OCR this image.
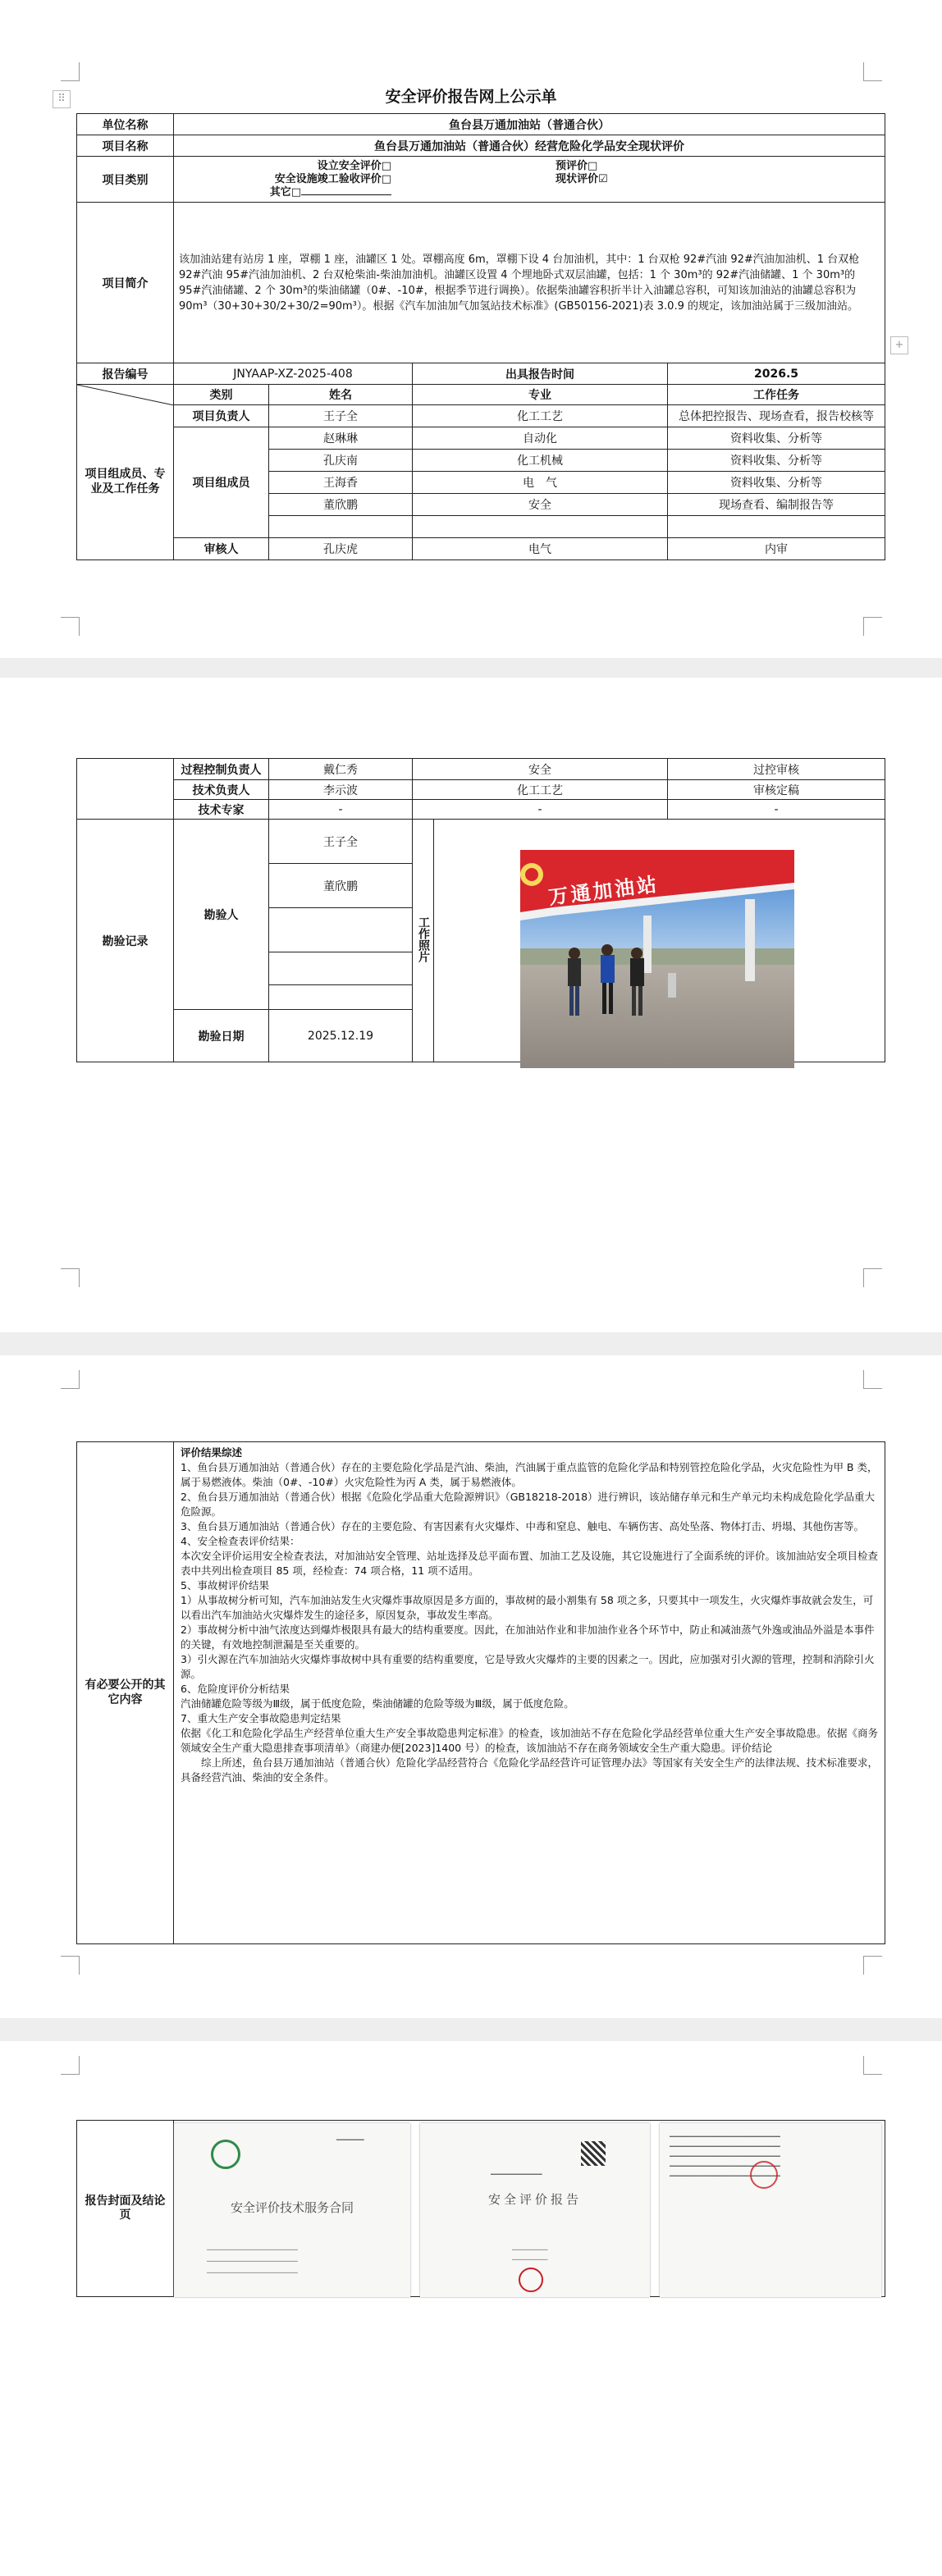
⠿
+
安全评价报告网上公示单
单位名称	鱼台县万通加油站（普通合伙）		
项目名称	鱼台县万通加油站（普通合伙）经营危险化学品安全现状评价		
项目类别	设立安全评价□
安全设施竣工验收评价□
其它□
预评价□
现状评价☑		

项目简介	该加油站建有站房 1 座，罩棚 1 座，油罐区 1 处。罩棚高度 6m，罩棚下设 4 台加油机，其中：1 台双枪 92#汽油 92#汽油加油机、1 台双枪 92#汽油 95#汽油加油机、2 台双枪柴油-柴油加油机。油罐区设置 4 个埋地卧式双层油罐，包括：1 个 30m³的 92#汽油储罐、1 个 30m³的 95#汽油储罐、2 个 30m³的柴油储罐（0#、-10#，根据季节进行调换）。依据柴油罐容积折半计入油罐总容积，可知该加油站的油罐总容积为 90m³（30+30+30/2+30/2=90m³）。根据《汽车加油加气加氢站技术标准》(GB50156-2021)表 3.0.9 的规定，该加油站属于三级加油站。		
报告编号	JNYAAP-XZ-2025-408	出具报告时间	2026.5
	类别	姓名	专业	工作任务
项目组成员、专业及工作任务	项目负责人	王子全	化工工艺	总体把控报告、现场查看，报告校核等
	项目组成员	赵琳琳	自动化	资料收集、分析等
		孔庆南	化工机械	资料收集、分析等
		王海香	电　气	资料收集、分析等
		董欣鹏	安全	现场查看、编制报告等

	审核人	孔庆虎	电气	内审
	过程控制负责人	戴仁秀	安全	过控审核
	技术负责人	李示波	化工工艺	审核定稿
	技术专家	-	-	-
勘验记录	勘验人	王子全	工作照片	
		董欣鹏		

	勘验日期	2025.12.19		
万通加油站
有必要公开的其它内容	

评价结果综述

1、鱼台县万通加油站（普通合伙）存在的主要危险化学品是汽油、柴油，汽油属于重点监管的危险化学品和特别管控危险化学品，火灾危险性为甲 B 类，属于易燃液体。柴油（0#、-10#）火灾危险性为丙 A 类，属于易燃液体。

2、鱼台县万通加油站（普通合伙）根据《危险化学品重大危险源辨识》（GB18218-2018）进行辨识，该站储存单元和生产单元均未构成危险化学品重大危险源。

3、鱼台县万通加油站（普通合伙）存在的主要危险、有害因素有火灾爆炸、中毒和窒息、触电、车辆伤害、高处坠落、物体打击、坍塌、其他伤害等。

4、安全检查表评价结果：

本次安全评价运用安全检查表法，对加油站安全管理、站址选择及总平面布置、加油工艺及设施，其它设施进行了全面系统的评价。该加油站安全项目检查表中共列出检查项目 85 项，经检查：74 项合格，11 项不适用。

5、事故树评价结果

1）从事故树分析可知，汽车加油站发生火灾爆炸事故原因是多方面的，事故树的最小割集有 58 项之多，只要其中一项发生，火灾爆炸事故就会发生，可以看出汽车加油站火灾爆炸发生的途径多，原因复杂，事故发生率高。

2）事故树分析中油气浓度达到爆炸极限具有最大的结构重要度。因此，在加油站作业和非加油作业各个环节中，防止和减油蒸气外逸或油品外溢是本事件的关键，有效地控制泄漏是至关重要的。

3）引火源在汽车加油站火灾爆炸事故树中具有重要的结构重要度，它是导致火灾爆炸的主要的因素之一。因此，应加强对引火源的管理，控制和消除引火源。

6、危险度评价分析结果

汽油储罐危险等级为Ⅲ级，属于低度危险，柴油储罐的危险等级为Ⅲ级，属于低度危险。

7、重大生产安全事故隐患判定结果

依据《化工和危险化学品生产经营单位重大生产安全事故隐患判定标准》的检查，该加油站不存在危险化学品经营单位重大生产安全事故隐患。依据《商务领域安全生产重大隐患排查事项清单》（商建办便[2023]1400 号）的检查，该加油站不存在商务领域安全生产重大隐患。评价结论

　　综上所述，鱼台县万通加油站（普通合伙）危险化学品经营符合《危险化学品经营许可证管理办法》等国家有关安全生产的法律法规、技术标准要求，具备经营汽油、柴油的安全条件。

报告封面及结论页	
━━━━━━━
安全评价技术服务合同
───────────────────────
───────────────────────
───────────────────────
━━━━━━━━━━━━━
安全评价报告
─────────
─────────
━━━━━━━━━━━━━━━━━━━━━━━━━━━━
━━━━━━━━━━━━━━━━━━━━━━━━━━━━
━━━━━━━━━━━━━━━━━━━━━━━━━━━━
━━━━━━━━━━━━━━━━━━━━━━━━━━━━
━━━━━━━━━━━━━━━━━━━━━━━━━━━━
